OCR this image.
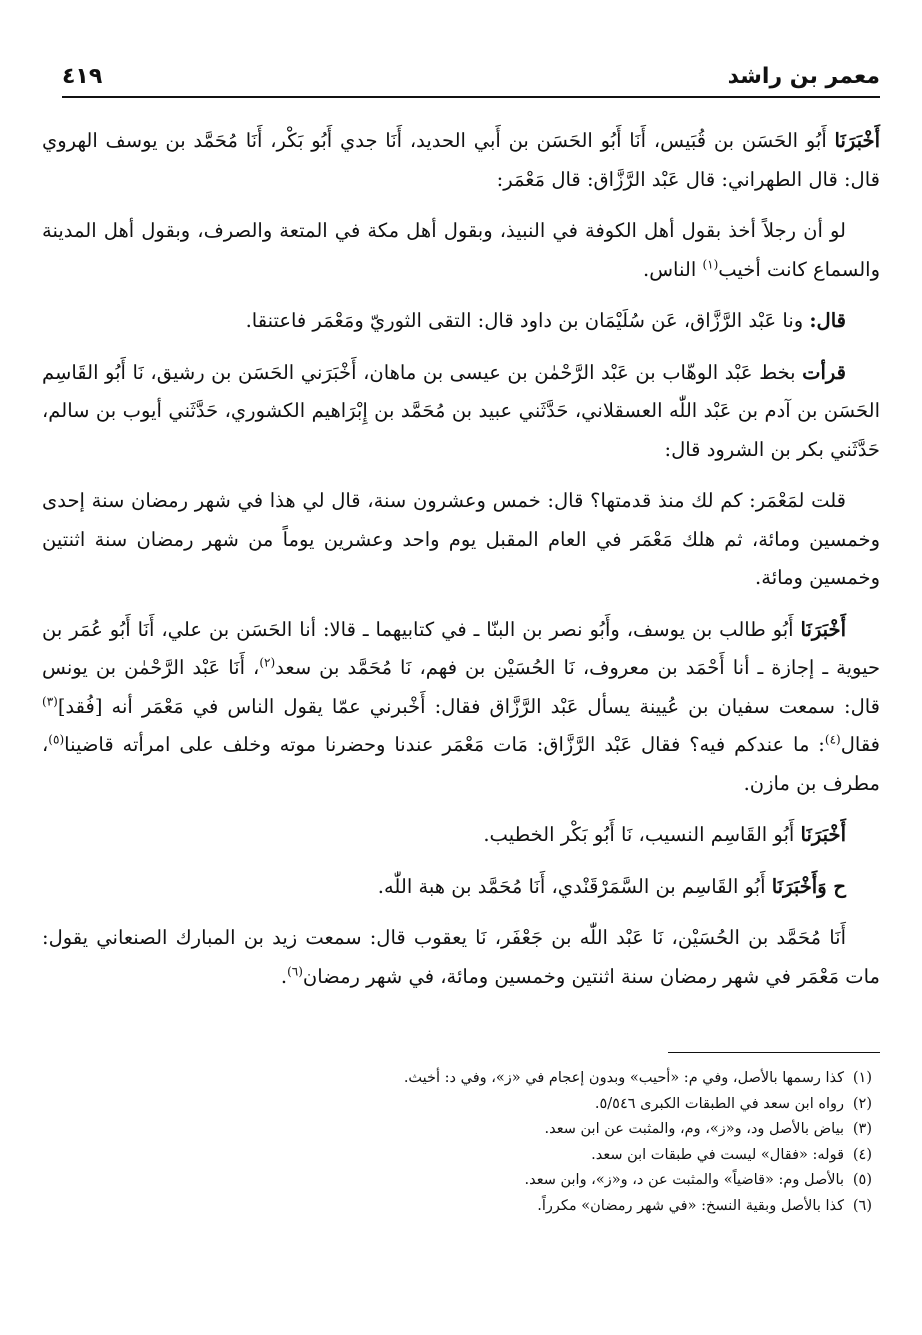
معمر بن راشد
٤١٩

أَخْبَرَنَا أَبُو الحَسَن بن قُبَيس، أَنَا أَبُو الحَسَن بن أَبي الحديد، أَنَا جدي أَبُو بَكْر، أَنَا مُحَمَّد بن يوسف الهروي قال: قال الطهراني: قال عَبْد الرَّزَّاق: قال مَعْمَر:

لو أن رجلاً أخذ بقول أهل الكوفة في النبيذ، وبقول أهل مكة في المتعة والصرف، وبقول أهل المدينة والسماع كانت أخيب$^{(١)}$ الناس.

قال: ونا عَبْد الرَّزَّاق، عَن سُلَيْمَان بن داود قال: التقى الثوريّ ومَعْمَر فاعتنقا.

قرأت بخط عَبْد الوهّاب بن عَبْد الرَّحْمٰن بن عيسى بن ماهان، أَخْبَرَني الحَسَن بن رشيق، نَا أَبُو القَاسِم الحَسَن بن آدم بن عَبْد اللّٰه العسقلاني، حَدَّثَني عبيد بن مُحَمَّد بن إِبْرَاهيم الكشوري، حَدَّثَني أيوب بن سالم، حَدَّثَني بكر بن الشرود قال:

قلت لمَعْمَر: كم لك منذ قدمتها؟ قال: خمس وعشرون سنة، قال لي هذا في شهر رمضان سنة إحدى وخمسين ومائة، ثم هلك مَعْمَر في العام المقبل يوم واحد وعشرين يوماً من شهر رمضان سنة اثنتين وخمسين ومائة.

أَخْبَرَنَا أَبُو طالب بن يوسف، وأَبُو نصر بن البنّا ـ في كتابيهما ـ قالا: أنا الحَسَن بن علي، أَنَا أَبُو عُمَر بن حيوية ـ إجازة ـ أنا أَحْمَد بن معروف، نَا الحُسَيْن بن فهم، نَا مُحَمَّد بن سعد$^{(٢)}$، أَنَا عَبْد الرَّحْمٰن بن يونس قال: سمعت سفيان بن عُيينة يسأل عَبْد الرَّزَّاق فقال: أَخْبرني عمّا يقول الناس في مَعْمَر أنه [فُقد]$^{(٣)}$ فقال$^{(٤)}$: ما عندكم فيه؟ فقال عَبْد الرَّزَّاق: مَات مَعْمَر عندنا وحضرنا موته وخلف على امرأته قاضينا$^{(٥)}$، مطرف بن مازن.

أَخْبَرَنَا أَبُو القَاسِم النسيب، نَا أَبُو بَكْر الخطيب.

ح وَأَخْبَرَنَا أَبُو القَاسِم بن السَّمَرْقَنْدي، أَنَا مُحَمَّد بن هبة اللّٰه.

أَنَا مُحَمَّد بن الحُسَيْن، نَا عَبْد اللّٰه بن جَعْفَر، نَا يعقوب قال: سمعت زيد بن المبارك الصنعاني يقول: مات مَعْمَر في شهر رمضان سنة اثنتين وخمسين ومائة، في شهر رمضان$^{(٦)}$.

(١)كذا رسمها بالأصل، وفي م: «أحيب» وبدون إعجام في «ز»، وفي د: أخيث.
(٢)رواه ابن سعد في الطبقات الكبرى ٥/٥٤٦.
(٣)بياض بالأصل ود، و«ز»، وم، والمثبت عن ابن سعد.
(٤)قوله: «فقال» ليست في طبقات ابن سعد.
(٥)بالأصل وم: «قاضياً» والمثبت عن د، و«ز»، وابن سعد.
(٦)كذا بالأصل وبقية النسخ: «في شهر رمضان» مكرراً.
